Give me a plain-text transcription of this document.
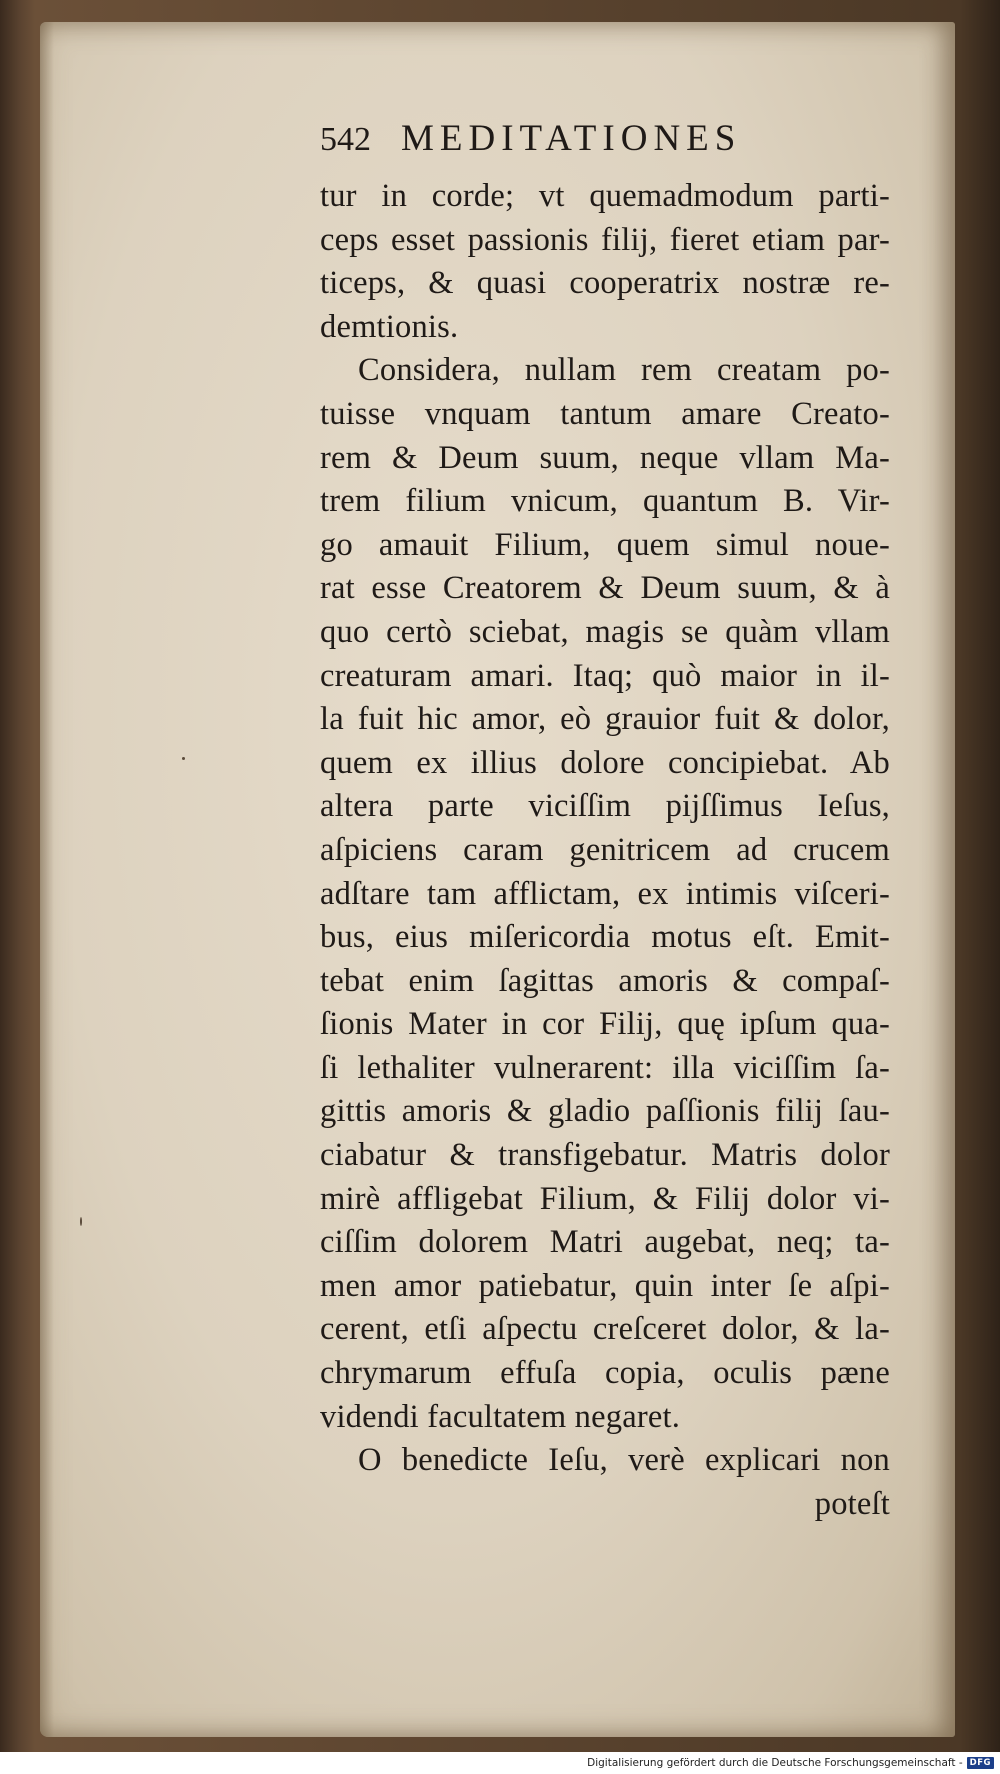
542 MEDITATIONES
tur in corde; vt quemadmodum parti-
ceps esset passionis filij, fieret etiam par-
ticeps, & quasi cooperatrix nostræ re-
demtionis.
Considera, nullam rem creatam po-
tuisse vnquam tantum amare Creato-
rem & Deum suum, neque vllam Ma-
trem filium vnicum, quantum B. Vir-
go amauit Filium, quem simul noue-
rat esse Creatorem & Deum suum, & à
quo certò sciebat, magis se quàm vllam
creaturam amari. Itaq; quò maior in il-
la fuit hic amor, eò grauior fuit & dolor,
quem ex illius dolore concipiebat. Ab
altera parte viciſſim pijſſimus Ieſus,
aſpiciens caram genitricem ad crucem
adſtare tam afflictam, ex intimis viſceri-
bus, eius miſericordia motus eſt. Emit-
tebat enim ſagittas amoris & compaſ-
ſionis Mater in cor Filij, quę ipſum qua-
ſi lethaliter vulnerarent: illa viciſſim ſa-
gittis amoris & gladio paſſionis filij ſau-
ciabatur & transfigebatur. Matris dolor
mirè affligebat Filium, & Filij dolor vi-
ciſſim dolorem Matri augebat, neq; ta-
men amor patiebatur, quin inter ſe aſpi-
cerent, etſi aſpectu creſceret dolor, & la-
chrymarum effuſa copia, oculis pæne
videndi facultatem negaret.
O benedicte Ieſu, verè explicari non
poteſt
Digitalisierung gefördert durch die Deutsche Forschungsgemeinschaft - DFG
